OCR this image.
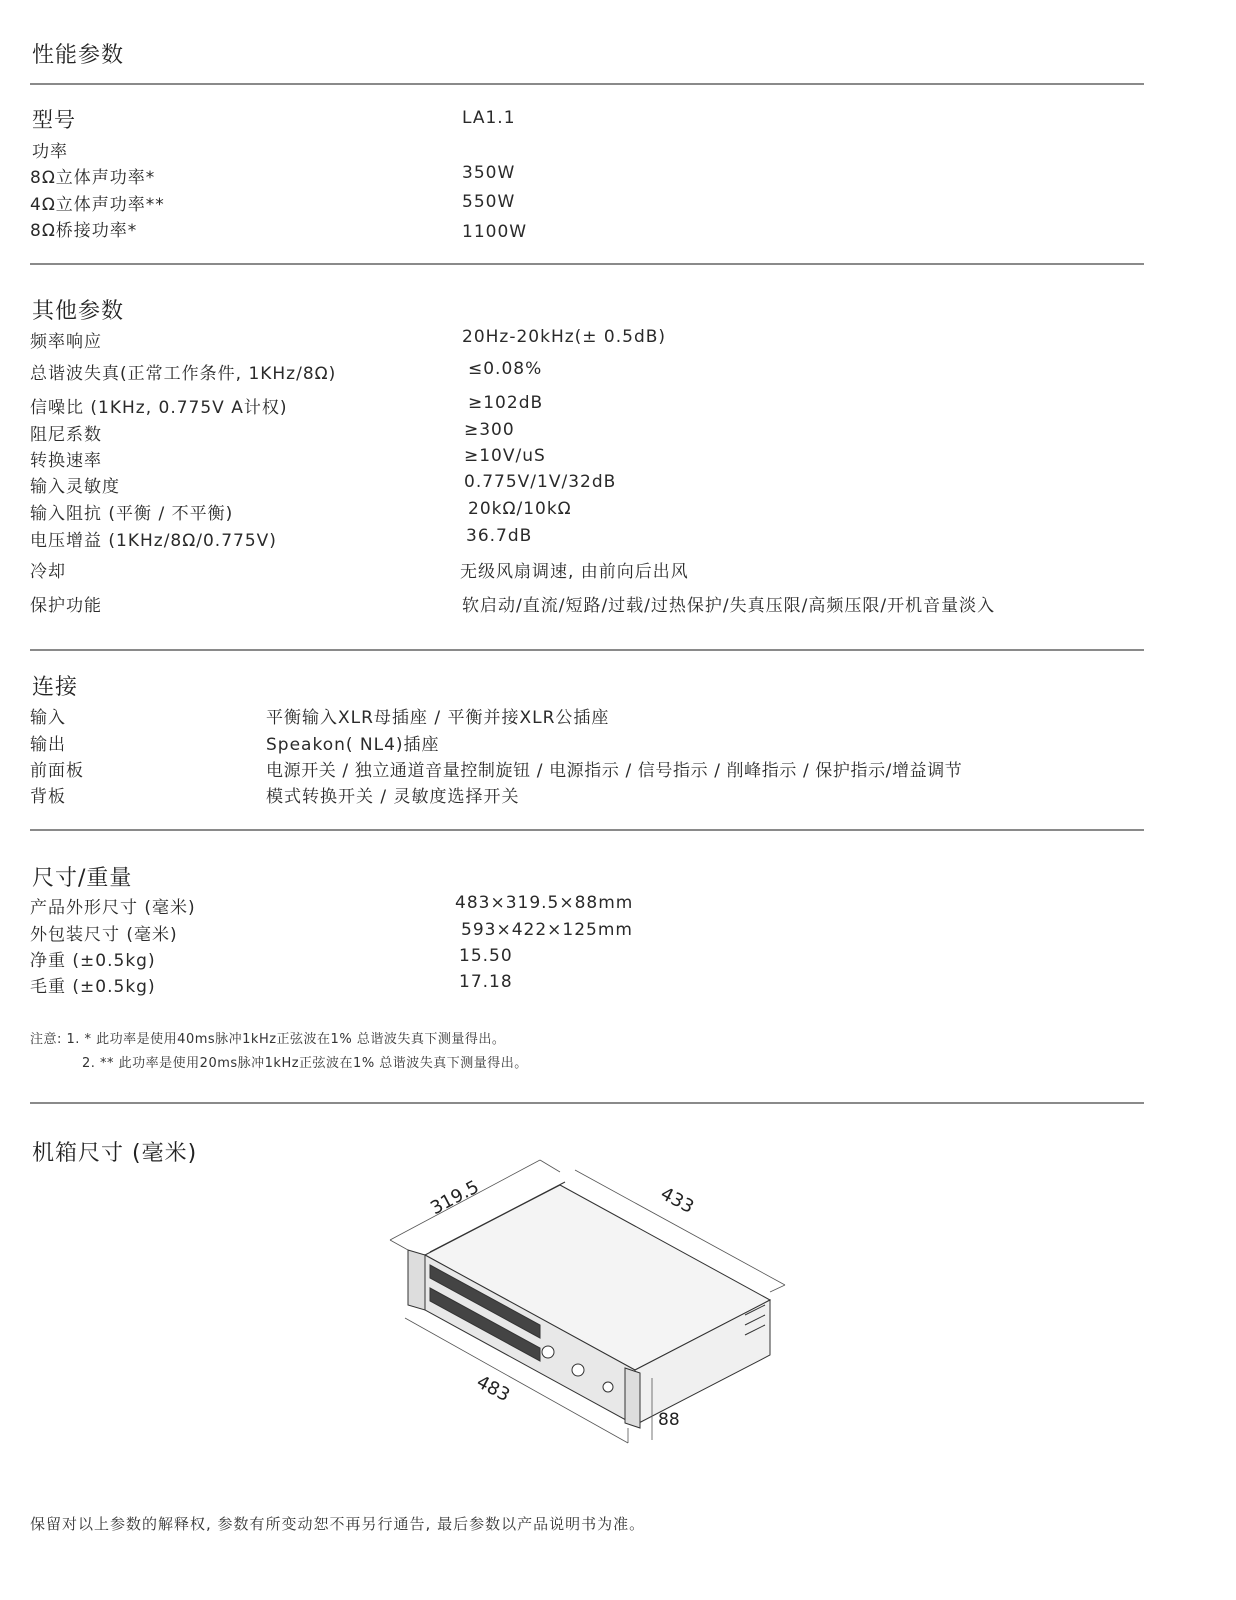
性能参数
型号	LA1.1
功率
8Ω立体声功率*	350W
4Ω立体声功率**	550W
8Ω桥接功率*	1100W
其他参数
频率响应	20Hz-20kHz(± 0.5dB)
总谐波失真(正常工作条件, 1KHz/8Ω)	≤0.08%
信噪比 (1KHz, 0.775V A计权)	≥102dB
阻尼系数	≥300
转换速率	≥10V/uS
输入灵敏度	0.775V/1V/32dB
输入阻抗 (平衡 / 不平衡)	20kΩ/10kΩ
电压增益 (1KHz/8Ω/0.775V)	36.7dB
冷却	无级风扇调速, 由前向后出风
保护功能	软启动/直流/短路/过载/过热保护/失真压限/高频压限/开机音量淡入
连接
输入	平衡输入XLR母插座 / 平衡并接XLR公插座
输出	Speakon( NL4)插座
前面板	电源开关 / 独立通道音量控制旋钮 / 电源指示 / 信号指示 / 削峰指示 / 保护指示/增益调节
背板	模式转换开关 / 灵敏度选择开关
尺寸/重量
产品外形尺寸 (毫米)	483×319.5×88mm
外包装尺寸 (毫米)	593×422×125mm
净重 (±0.5kg)	15.50
毛重 (±0.5kg)	17.18
注意: 1. * 此功率是使用40ms脉冲1kHz正弦波在1% 总谐波失真下测量得出。
2. ** 此功率是使用20ms脉冲1kHz正弦波在1% 总谐波失真下测量得出。
机箱尺寸 (毫米)
319.5	433
483
88
保留对以上参数的解释权, 参数有所变动恕不再另行通告, 最后参数以产品说明书为准。
